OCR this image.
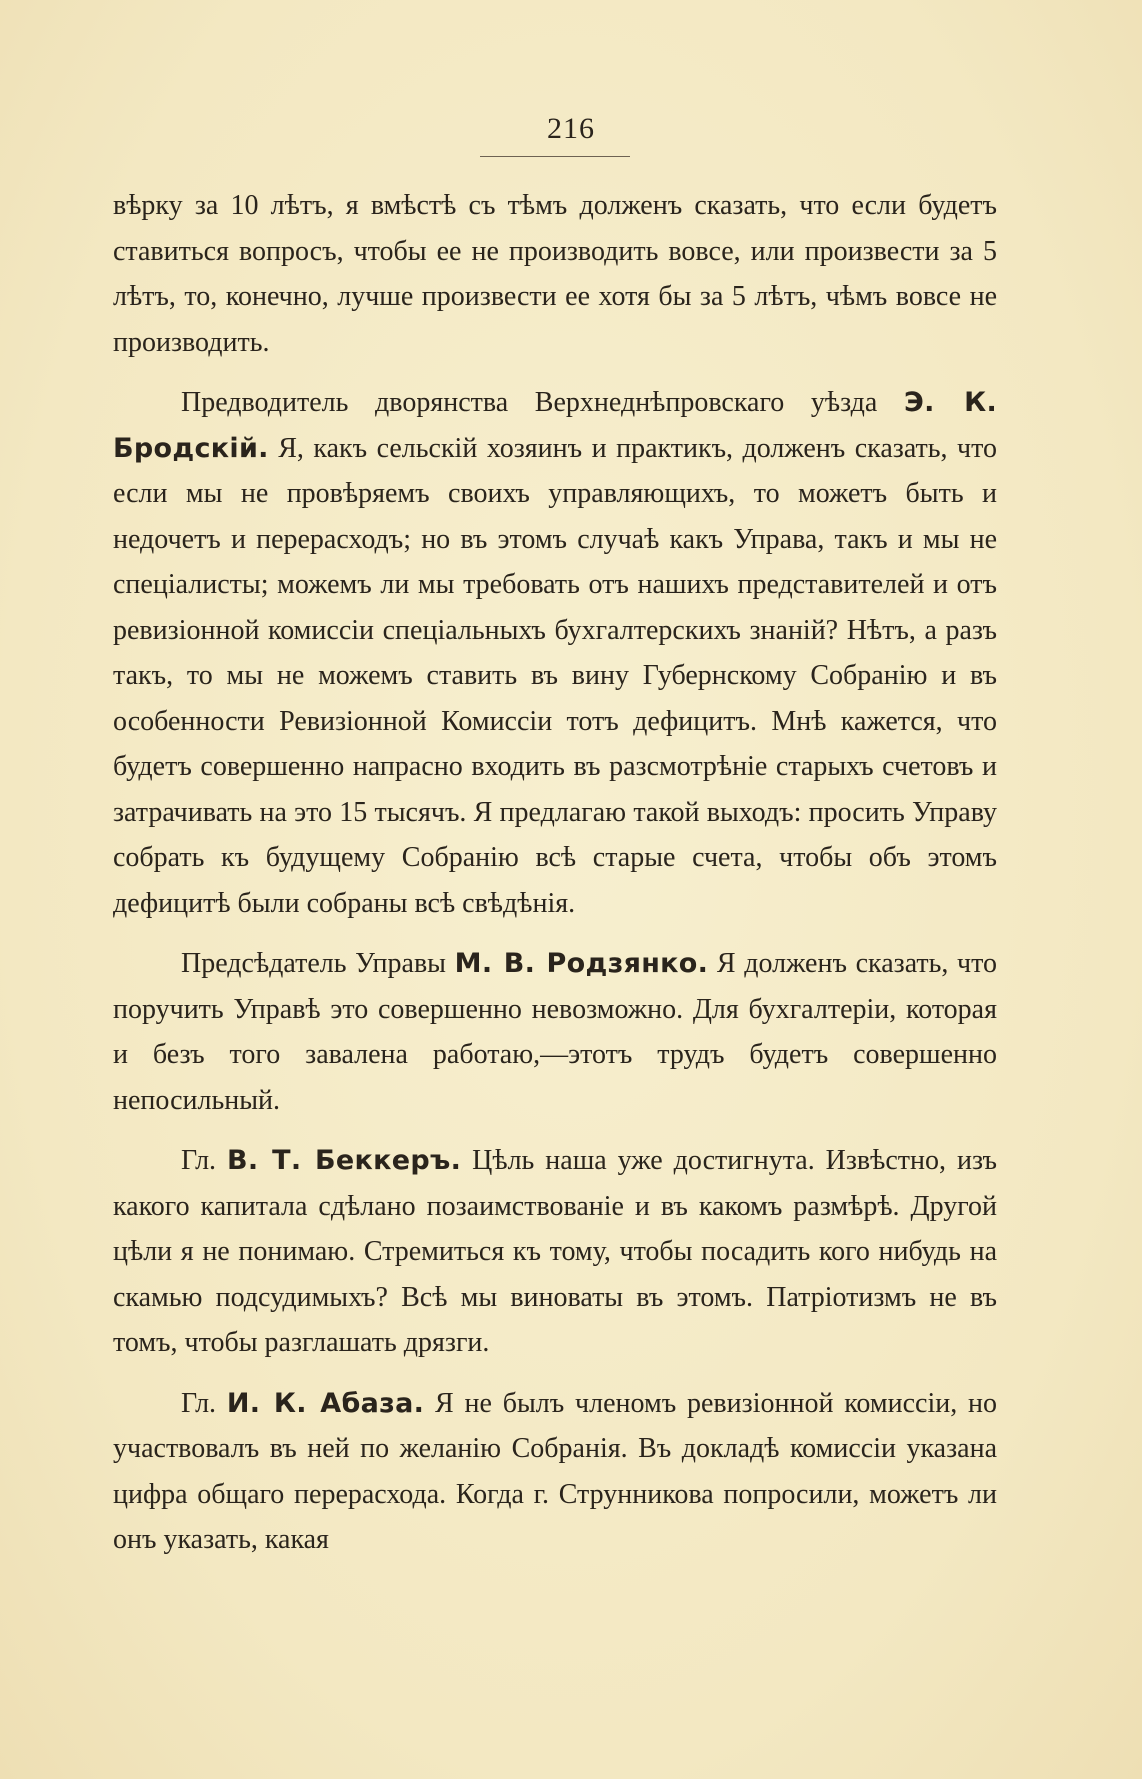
216

вѣрку за 10 лѣтъ, я вмѣстѣ съ тѣмъ долженъ сказать, что если будетъ ставиться вопросъ, чтобы ее не производить вовсе, или произвести за 5 лѣтъ, то, конечно, лучше произвести ее хотя бы за 5 лѣтъ, чѣмъ вовсе не производить.

Предводитель дворянства Верхнеднѣпровскаго уѣзда Э. К. Бродскій. Я, какъ сельскій хозяинъ и практикъ, долженъ сказать, что если мы не провѣряемъ своихъ управляющихъ, то можетъ быть и недочетъ и перерасходъ; но въ этомъ случаѣ какъ Управа, такъ и мы не спеціалисты; можемъ ли мы требовать отъ нашихъ представителей и отъ ревизіонной комиссіи спеціальныхъ бухгалтерскихъ знаній? Нѣтъ, а разъ такъ, то мы не можемъ ставить въ вину Губернскому Собранію и въ особенности Ревизіонной Комиссіи тотъ дефицитъ. Мнѣ кажется, что будетъ совершенно напрасно входить въ разсмотрѣніе старыхъ счетовъ и затрачивать на это 15 тысячъ. Я предлагаю такой выходъ: просить Управу собрать къ будущему Собранію всѣ старые счета, чтобы объ этомъ дефицитѣ были собраны всѣ свѣдѣнія.

Предсѣдатель Управы М. В. Родзянко. Я долженъ сказать, что поручить Управѣ это совершенно невозможно. Для бухгалтеріи, которая и безъ того завалена работаю,—этотъ трудъ будетъ совершенно непосильный.

Гл. В. Т. Беккеръ. Цѣль наша уже достигнута. Извѣстно, изъ какого капитала сдѣлано позаимствованіе и въ какомъ размѣрѣ. Другой цѣли я не понимаю. Стремиться къ тому, чтобы посадить кого нибудь на скамью подсудимыхъ? Всѣ мы виноваты въ этомъ. Патріотизмъ не въ томъ, чтобы разглашать дрязги.

Гл. И. К. Абаза. Я не былъ членомъ ревизіонной комиссіи, но участвовалъ въ ней по желанію Собранія. Въ докладѣ комиссіи указана цифра общаго перерасхода. Когда г. Струнникова попросили, можетъ ли онъ указать, какая
